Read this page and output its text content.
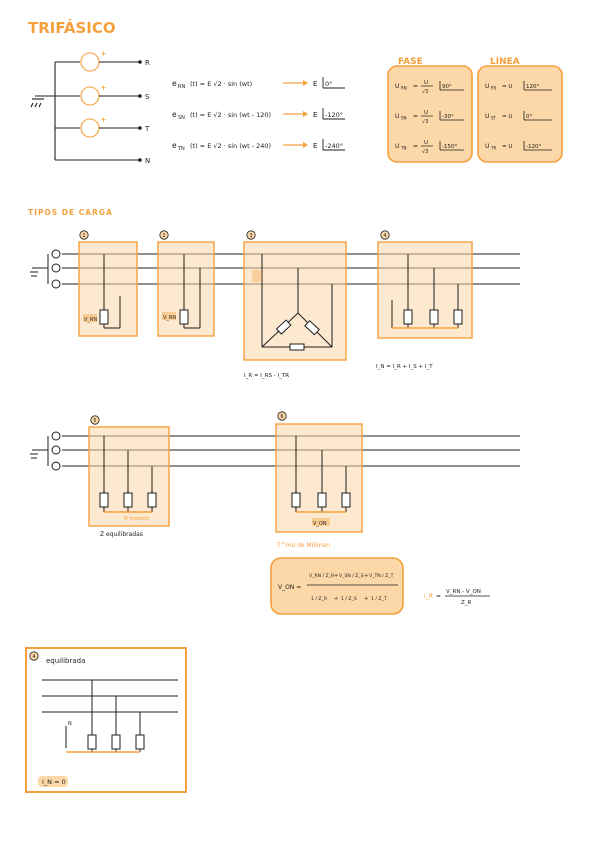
TRIFÁSICO
+
+
+
R
S
T
N
e RN (t) = E √2 · sin (wt)	E 0°
e SN (t) = E √2 · sin (wt - 120)	E -120°
e TN (t) = E √2 · sin (wt - 240)	E -240°
FASE	LÍNEA
U RN = U
√3
90°
U SN = U
√3
-30°
U TN = U
√3
-150°
U RS = U 120°
U ST = U 0°
U TR = U -120°
TIPOS DE CARGA
V_RN	V_RN
I_R = I_RS - I_TR
I_N = I_R + I_S + I_T
N (neutro)
Z equilibradas
V_ON
T^ma de Millman
V_ON =
V_RN / Z_R + V_SN / Z_S + V_TN / Z_T
1 / Z_R + 1 / Z_S + 1 / Z_T	I_R =
V_RN - V_ON
Z_R
equilibrada
N
I_N = 0
1	2	3	4
5
6
4
